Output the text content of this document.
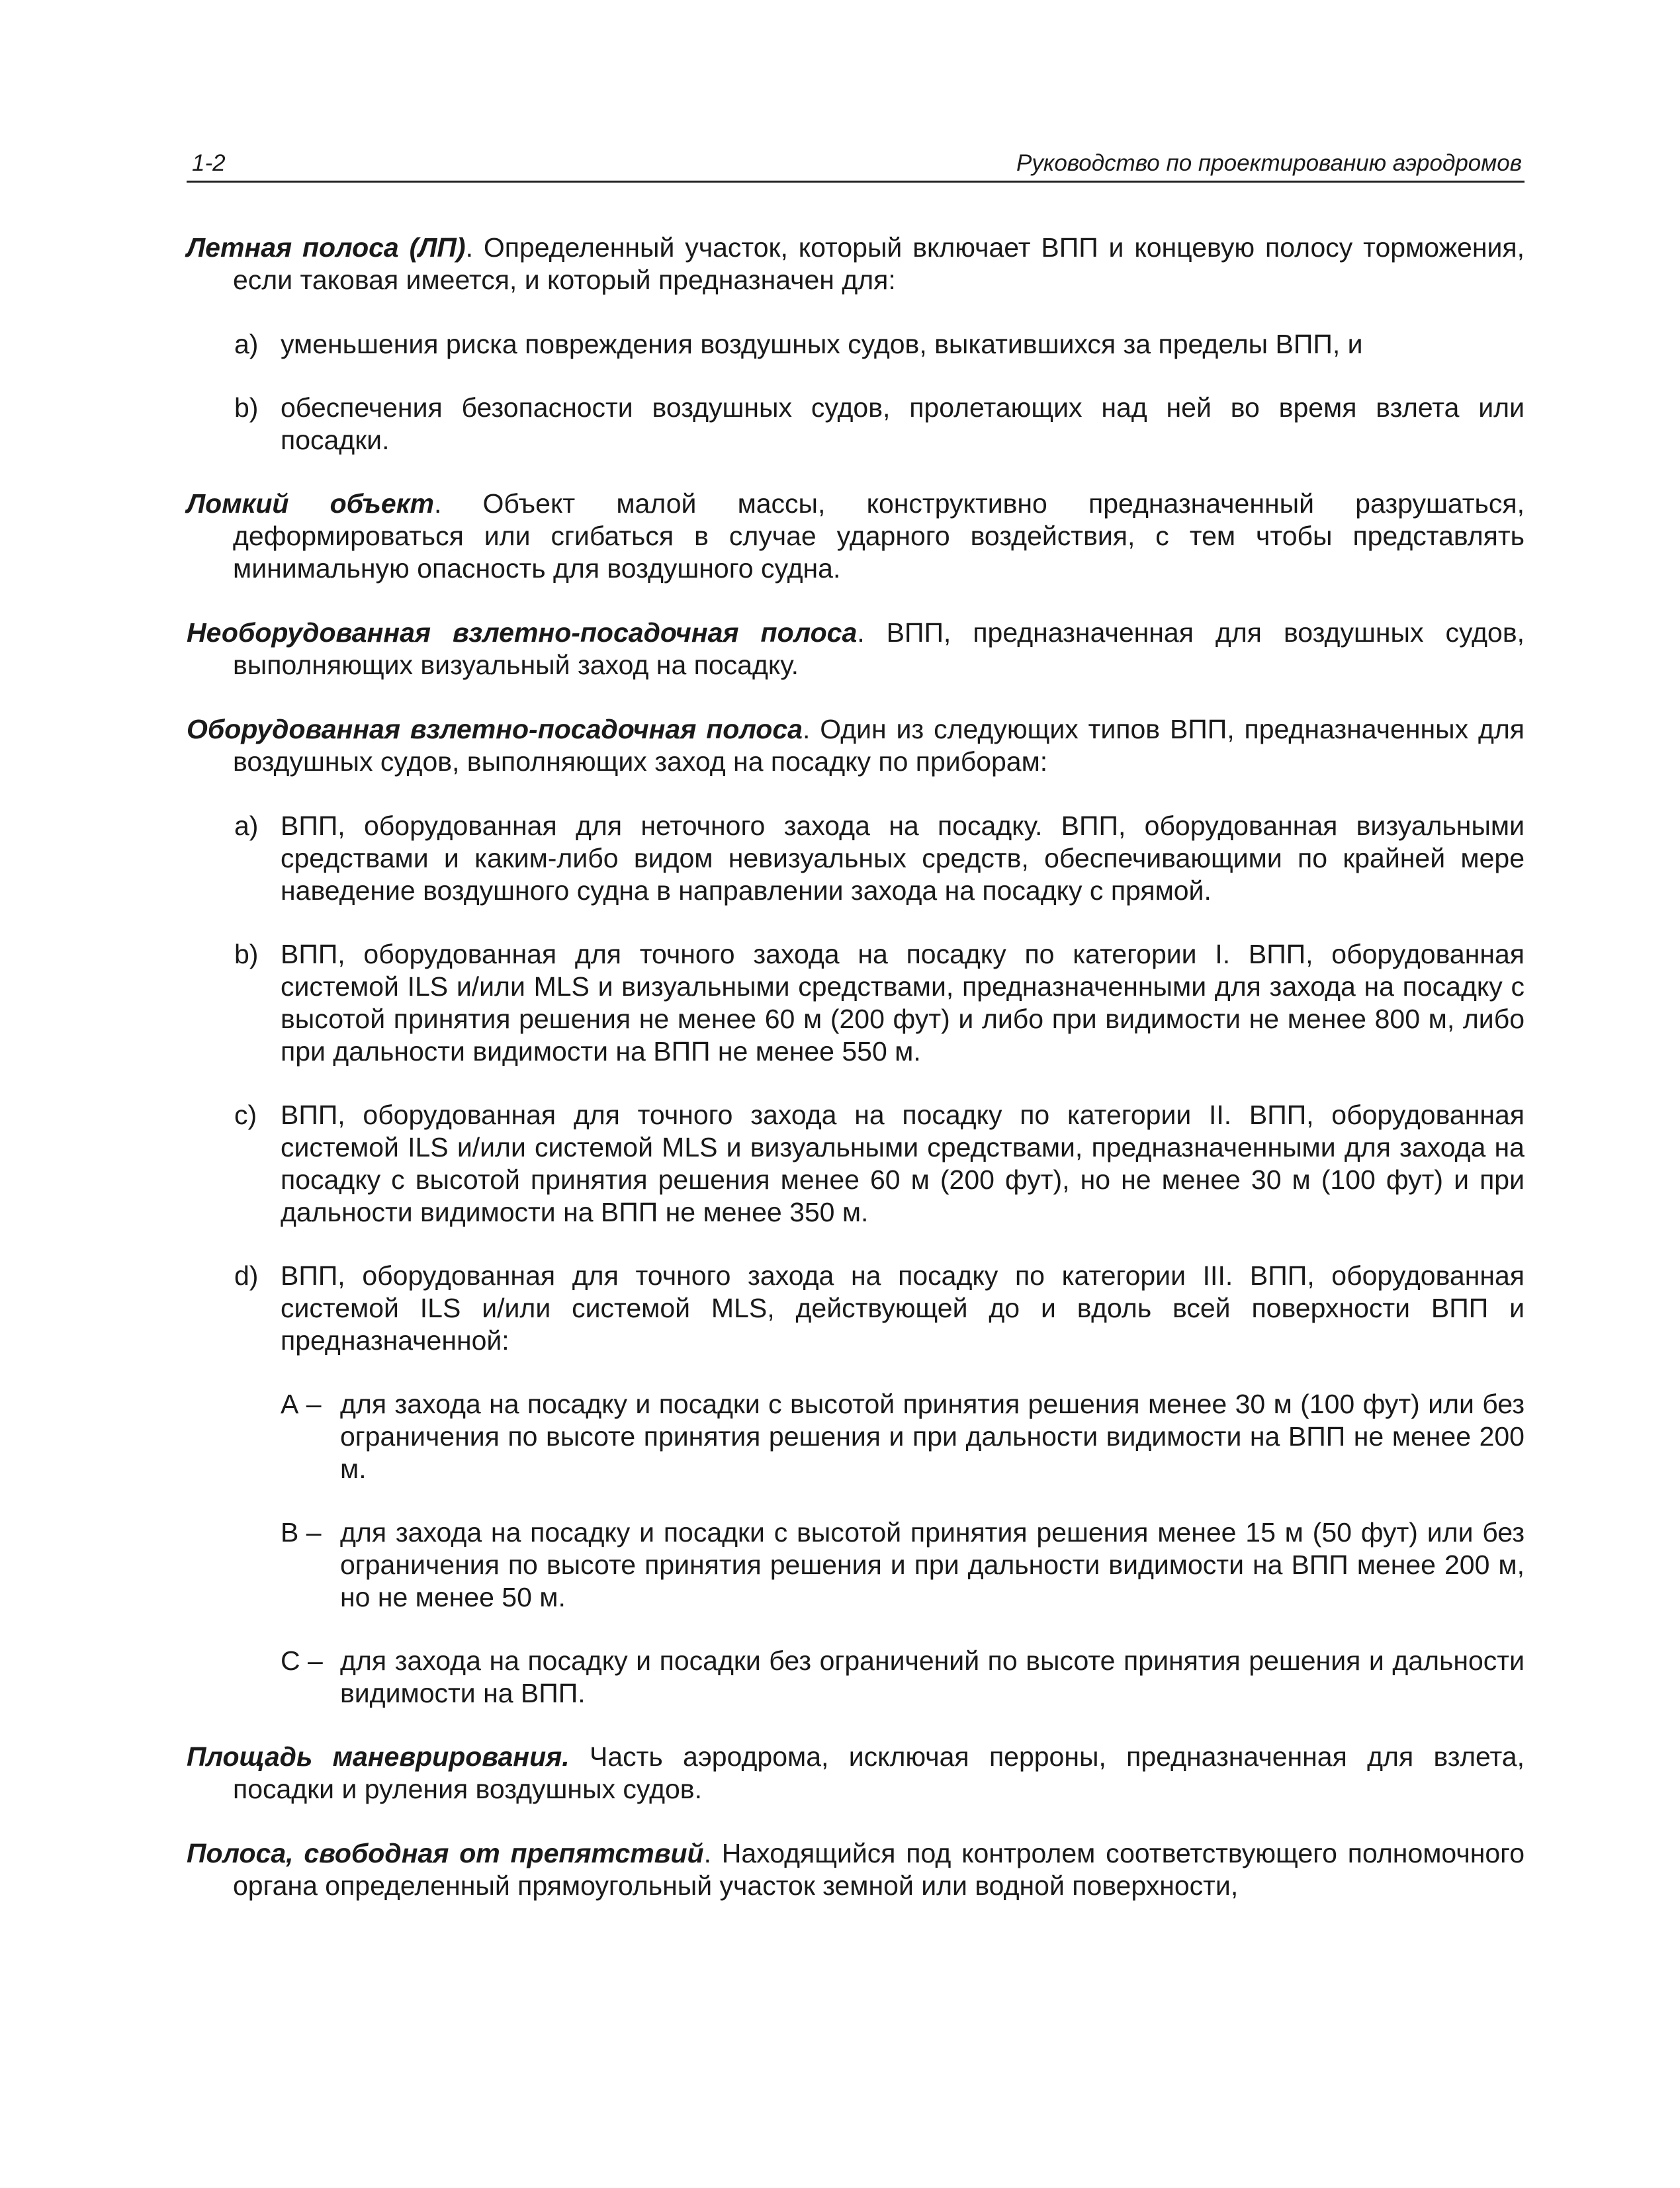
1-2	Руководство по проектированию аэродромов

Летная полоса (ЛП). Определенный участок, который включает ВПП и концевую полосу торможения, если таковая имеется, и который предназначен для:

a) уменьшения риска повреждения воздушных судов, выкатившихся за пределы ВПП, и
b) обеспечения безопасности воздушных судов, пролетающих над ней во время взлета или посадки.

Ломкий объект. Объект малой массы, конструктивно предназначенный разрушаться, деформироваться или сгибаться в случае ударного воздействия, с тем чтобы представлять минимальную опасность для воздушного судна.

Необорудованная взлетно-посадочная полоса. ВПП, предназначенная для воздушных судов, выполняющих визуальный заход на посадку.

Оборудованная взлетно-посадочная полоса. Один из следующих типов ВПП, предназначенных для воздушных судов, выполняющих заход на посадку по приборам:

a) ВПП, оборудованная для неточного захода на посадку. ВПП, оборудованная визуальными средствами и каким-либо видом невизуальных средств, обеспечивающими по крайней мере наведение воздушного судна в направлении захода на посадку с прямой.
b) ВПП, оборудованная для точного захода на посадку по категории I. ВПП, оборудованная системой ILS и/или MLS и визуальными средствами, предназначенными для захода на посадку с высотой принятия решения не менее 60 м (200 фут) и либо при видимости не менее 800 м, либо при дальности видимости на ВПП не менее 550 м.
c) ВПП, оборудованная для точного захода на посадку по категории II. ВПП, оборудованная системой ILS и/или системой MLS и визуальными средствами, предназначенными для захода на посадку с высотой принятия решения менее 60 м (200 фут), но не менее 30 м (100 фут) и при дальности видимости на ВПП не менее 350 м.
d) ВПП, оборудованная для точного захода на посадку по категории III. ВПП, оборудованная системой ILS и/или системой MLS, действующей до и вдоль всей поверхности ВПП и предназначенной:
А – для захода на посадку и посадки с высотой принятия решения менее 30 м (100 фут) или без ограничения по высоте принятия решения и при дальности видимости на ВПП не менее 200 м.
В – для захода на посадку и посадки с высотой принятия решения менее 15 м (50 фут) или без ограничения по высоте принятия решения и при дальности видимости на ВПП менее 200 м, но не менее 50 м.
С – для захода на посадку и посадки без ограничений по высоте принятия решения и дальности видимости на ВПП.

Площадь маневрирования. Часть аэродрома, исключая перроны, предназначенная для взлета, посадки и руления воздушных судов.

Полоса, свободная от препятствий. Находящийся под контролем соответствующего полномочного органа определенный прямоугольный участок земной или водной поверхности,
